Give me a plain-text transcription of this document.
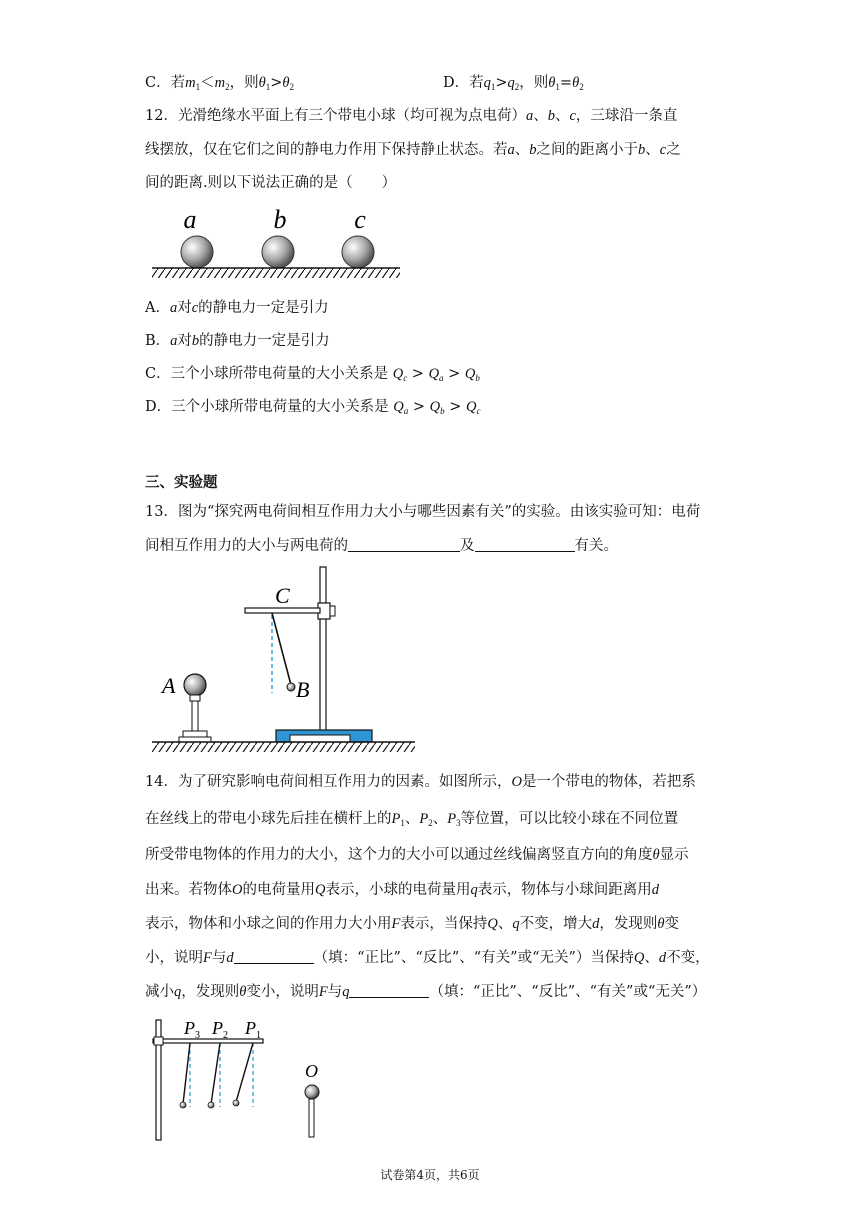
C．若$m_1<m_2$，则$\theta_1>\theta_2$	D．若$q_1>q_2$，则$\theta_1=\theta_2$
12．光滑绝缘水平面上有三个带电小球（均可视为点电荷）a、b、c，三球沿一条直
线摆放，仅在它们之间的静电力作用下保持静止状态。若a、b之间的距离小于b、c之
间的距离.则以下说法正确的是（　　）
a	b	c
A．a对c的静电力一定是引力
B．a对b的静电力一定是引力
C．三个小球所带电荷量的大小关系是 $Q_c > Q_a > Q_b$
D．三个小球所带电荷量的大小关系是 $Q_a > Q_b > Q_c$
三、实验题
13．图为“探究两电荷间相互作用力大小与哪些因素有关”的实验。由该实验可知：电荷
间相互作用力的大小与两电荷的	及	有关。
C
B
A
14．为了研究影响电荷间相互作用力的因素。如图所示，O是一个带电的物体，若把系
在丝线上的带电小球先后挂在横杆上的$P_1$、$P_2$、$P_3$等位置，可以比较小球在不同位置
所受带电物体的作用力的大小，这个力的大小可以通过丝线偏离竖直方向的角度θ显示
出来。若物体O的电荷量用Q表示，小球的电荷量用q表示，物体与小球间距离用d
表示，物体和小球之间的作用力大小用F表示，当保持Q、q不变，增大d，发现则θ变
小，说明F与d	（填：“正比”、“反比”、“有关”或“无关”）当保持Q、d不变，
减小q，发现则θ变小，说明F与q	（填：“正比”、“反比”、“有关”或“无关”）
$P_3$ $P_2$ $P_1$
O
试卷第4页，共6页
